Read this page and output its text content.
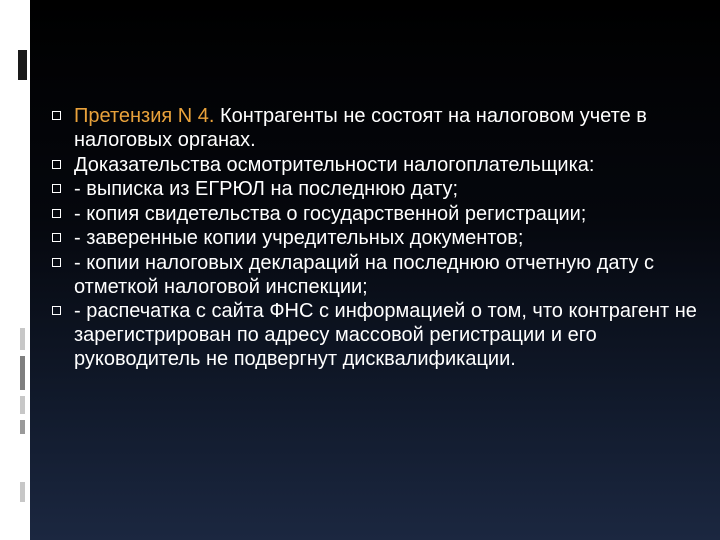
Претензия N 4. Контрагенты не состоят на налоговом учете в налоговых органах.
Доказательства осмотрительности налогоплательщика:
- выписка из ЕГРЮЛ на последнюю дату;
- копия свидетельства о государственной регистрации;
- заверенные копии учредительных документов;
- копии налоговых деклараций на последнюю отчетную дату с отметкой налоговой инспекции;
- распечатка с сайта ФНС с информацией о том, что контрагент не зарегистрирован по адресу массовой регистрации и его руководитель не подвергнут дисквалификации.
